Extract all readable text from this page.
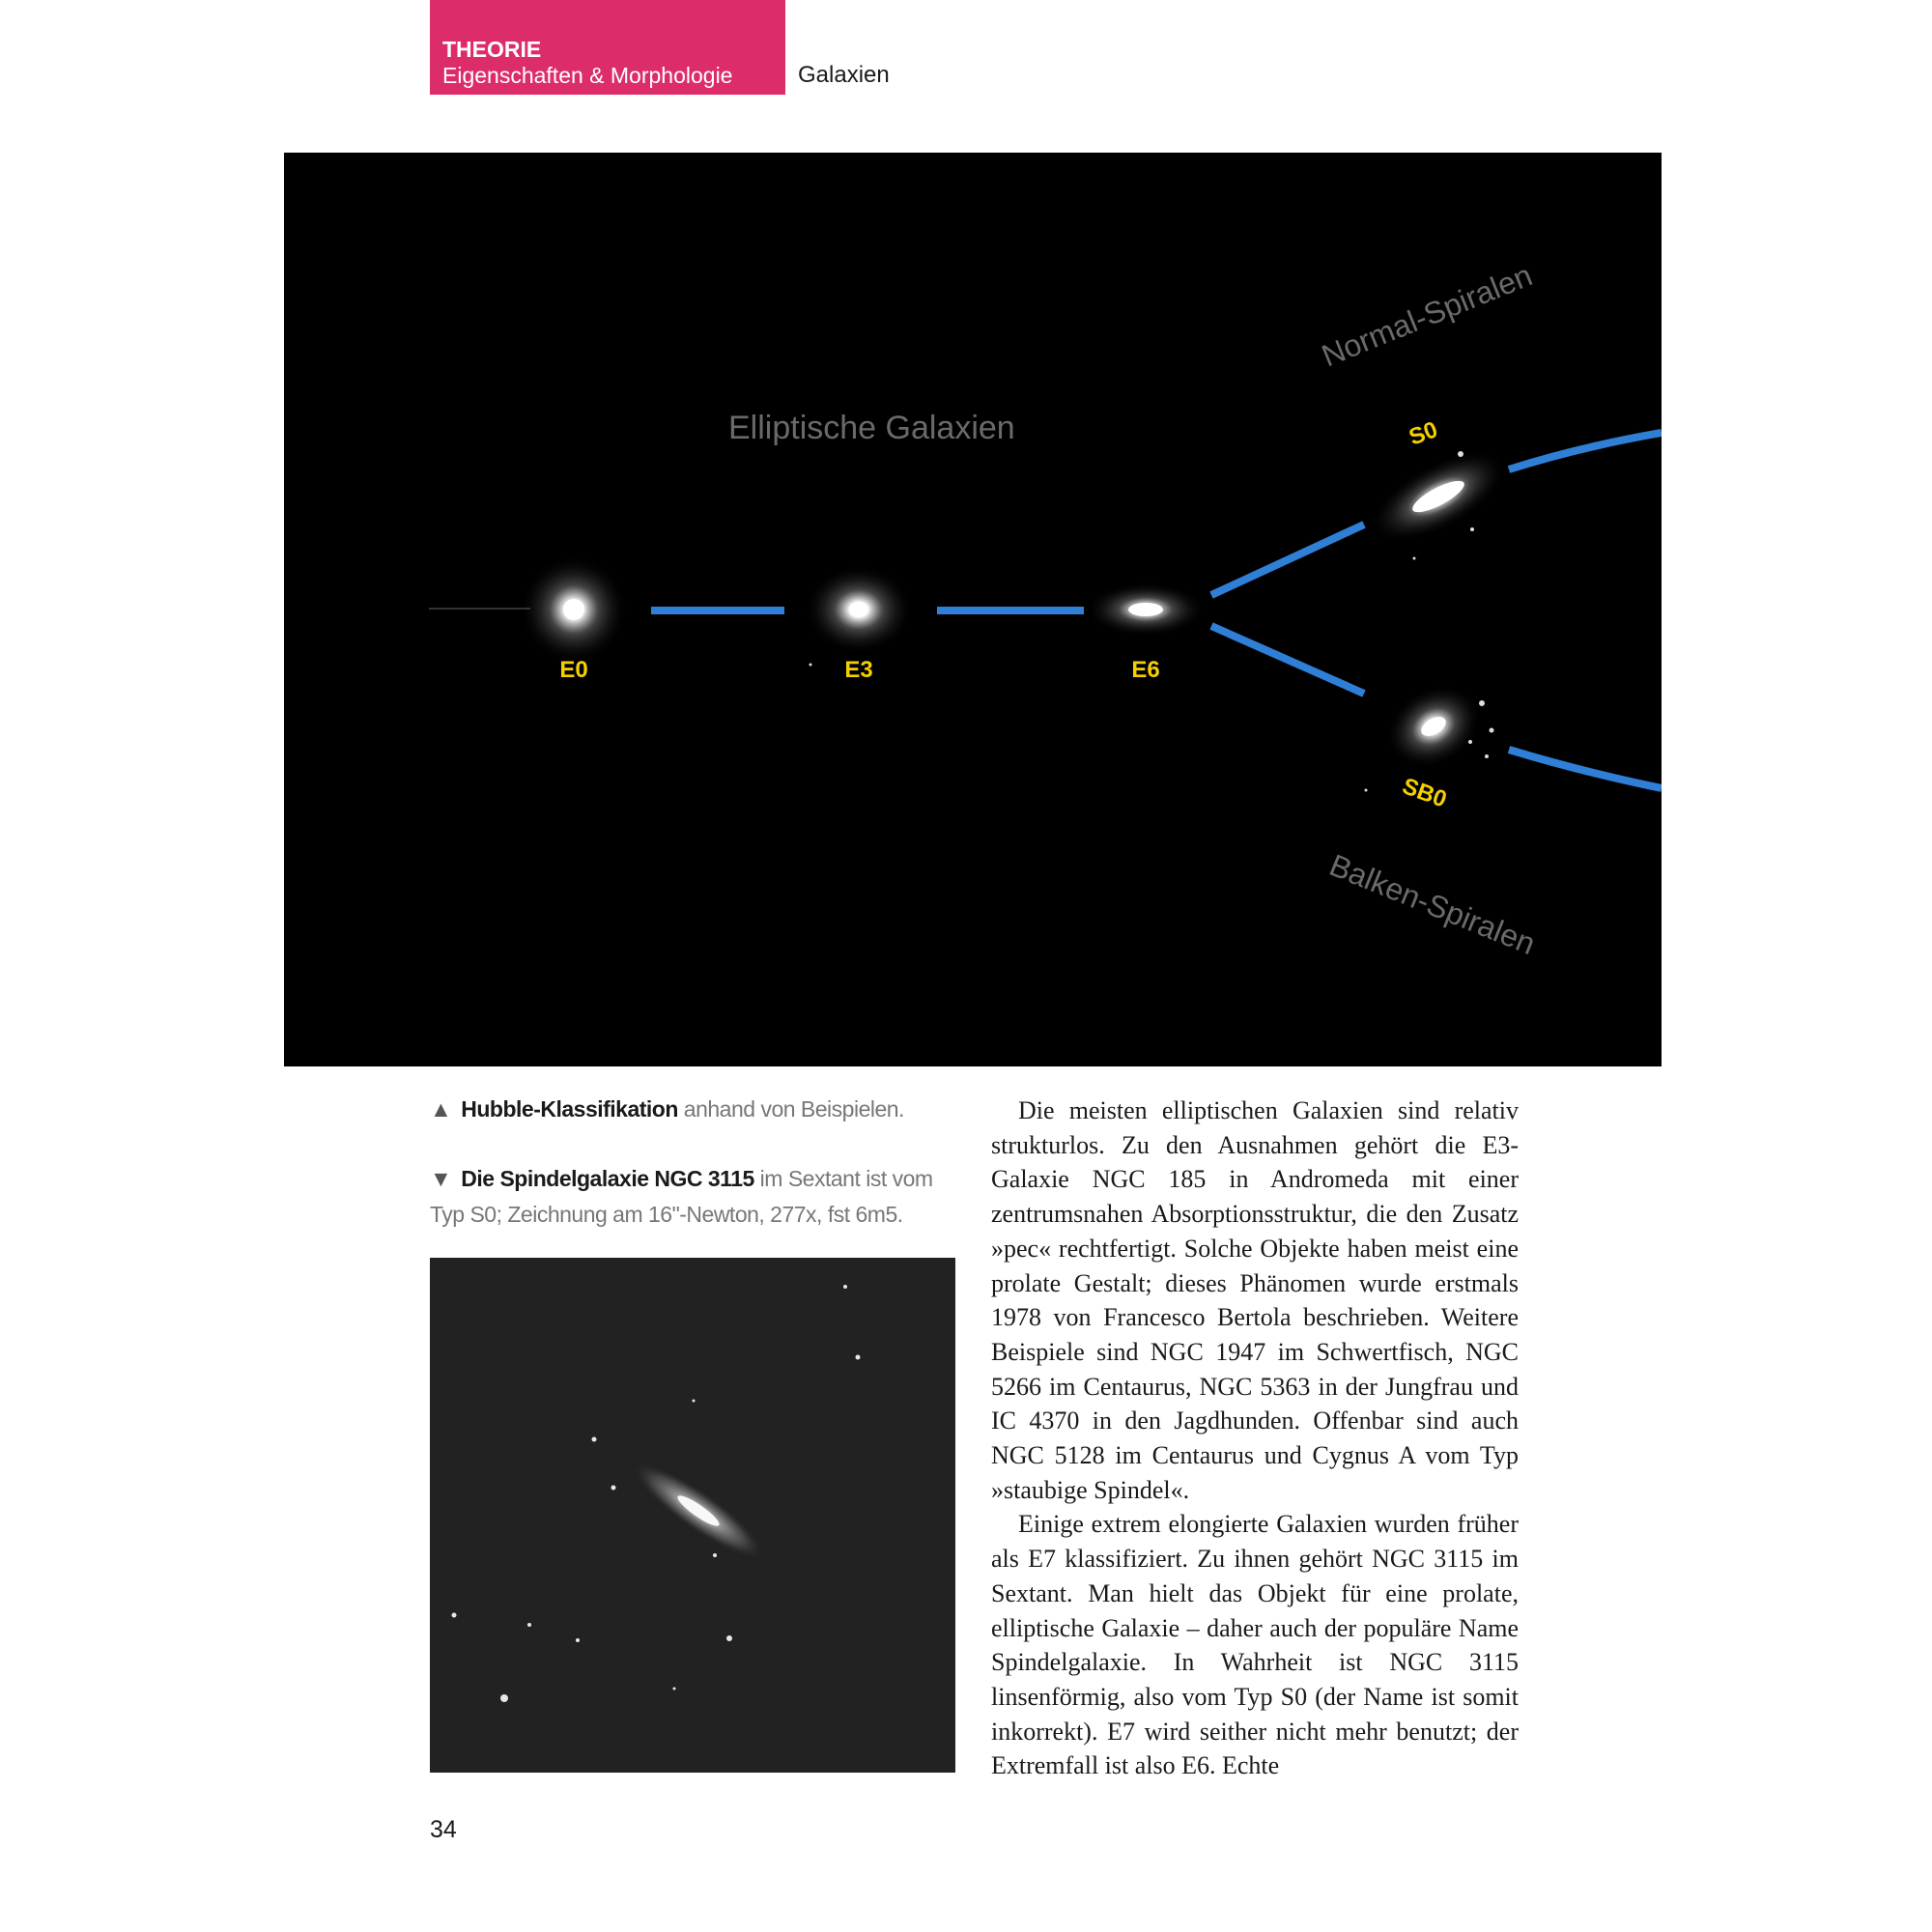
THEORIE
Eigenschaften & Morphologie	Galaxien
Elliptische Galaxien
Normal-Spiralen
Balken-Spiralen
E0	E3	E6
S0
SB0
▲ Hubble-Klassifikation anhand von Beispielen.
▼ Die Spindelgalaxie NGC 3115 im Sextant ist vom Typ S0; Zeichnung am 16"-Newton, 277x, fst 6m5.

Die meisten elliptischen Galaxien sind relativ strukturlos. Zu den Ausnahmen gehört die E3-Galaxie NGC 185 in Andromeda mit einer zentrumsnahen Absorptionsstruktur, die den Zusatz »pec« rechtfertigt. Solche Objekte haben meist eine prolate Gestalt; dieses Phänomen wurde erstmals 1978 von Francesco Bertola beschrieben. Weitere Beispiele sind NGC 1947 im Schwertfisch, NGC 5266 im Centaurus, NGC 5363 in der Jungfrau und IC 4370 in den Jagdhunden. Offenbar sind auch NGC 5128 im Centaurus und Cygnus A vom Typ »staubige Spindel«.

Einige extrem elongierte Galaxien wurden früher als E7 klassifiziert. Zu ihnen gehört NGC 3115 im Sextant. Man hielt das Objekt für eine prolate, elliptische Galaxie – daher auch der populäre Name Spindelgalaxie. In Wahrheit ist NGC 3115 linsenförmig, also vom Typ S0 (der Name ist somit inkorrekt). E7 wird seither nicht mehr benutzt; der Extremfall ist also E6. Echte

34
